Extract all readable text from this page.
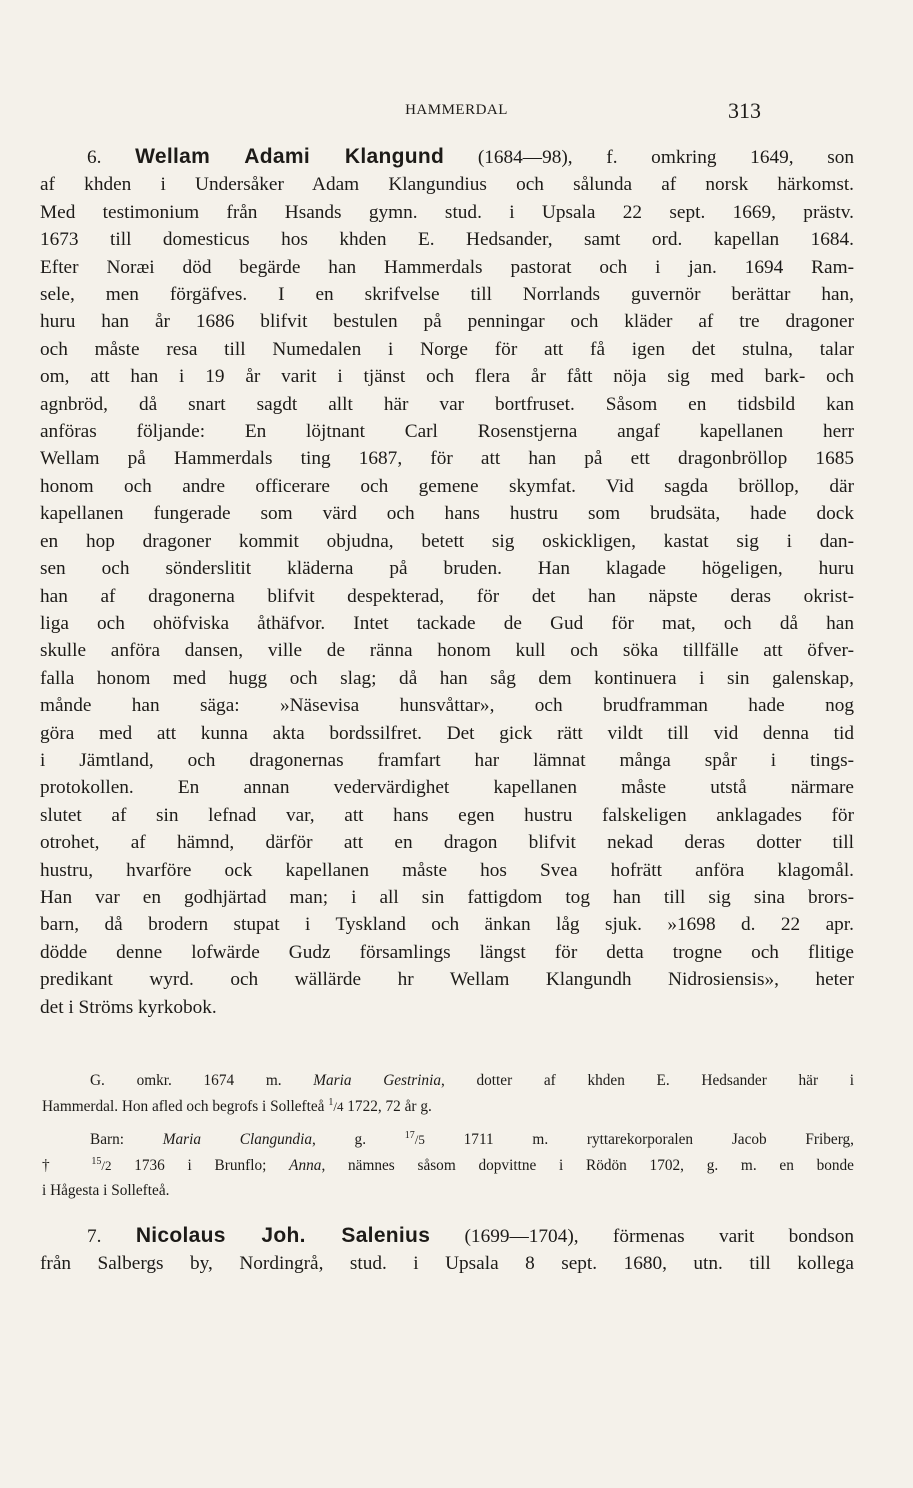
HAMMERDAL	313
6. Wellam Adami Klangund (1684—98), f. omkring 1649, son
af khden i Undersåker Adam Klangundius och sålunda af norsk härkomst.
Med testimonium från Hsands gymn. stud. i Upsala 22 sept. 1669, prästv.
1673 till domesticus hos khden E. Hedsander, samt ord. kapellan 1684.
Efter Noræi död begärde han Hammerdals pastorat och i jan. 1694 Ram-
sele, men förgäfves. I en skrifvelse till Norrlands guvernör berättar han,
huru han år 1686 blifvit bestulen på penningar och kläder af tre dragoner
och måste resa till Numedalen i Norge för att få igen det stulna, talar
om, att han i 19 år varit i tjänst och flera år fått nöja sig med bark- och
agnbröd, då snart sagdt allt här var bortfruset. Såsom en tidsbild kan
anföras följande: En löjtnant Carl Rosenstjerna angaf kapellanen herr
Wellam på Hammerdals ting 1687, för att han på ett dragonbröllop 1685
honom och andre officerare och gemene skymfat. Vid sagda bröllop, där
kapellanen fungerade som värd och hans hustru som brudsäta, hade dock
en hop dragoner kommit objudna, betett sig oskickligen, kastat sig i dan-
sen och sönderslitit kläderna på bruden. Han klagade högeligen, huru
han af dragonerna blifvit despekterad, för det han näpste deras okrist-
liga och ohöfviska åthäfvor. Intet tackade de Gud för mat, och då han
skulle anföra dansen, ville de ränna honom kull och söka tillfälle att öfver-
falla honom med hugg och slag; då han såg dem kontinuera i sin galenskap,
månde han säga: »Näsevisa hunsvåttar», och brudframman hade nog
göra med att kunna akta bordssilfret. Det gick rätt vildt till vid denna tid
i Jämtland, och dragonernas framfart har lämnat många spår i tings-
protokollen. En annan vedervärdighet kapellanen måste utstå närmare
slutet af sin lefnad var, att hans egen hustru falskeligen anklagades för
otrohet, af hämnd, därför att en dragon blifvit nekad deras dotter till
hustru, hvarföre ock kapellanen måste hos Svea hofrätt anföra klagomål.
Han var en godhjärtad man; i all sin fattigdom tog han till sig sina brors-
barn, då brodern stupat i Tyskland och änkan låg sjuk. »1698 d. 22 apr.
dödde denne lofwärde Gudz församlings längst för detta trogne och flitige
predikant wyrd. och wällärde hr Wellam Klangundh Nidrosiensis», heter
det i Ströms kyrkobok.
G. omkr. 1674 m. Maria Gestrinia, dotter af khden E. Hedsander här i
Hammerdal. Hon afled och begrofs i Sollefteå $^1$/4 1722, 72 år g.
Barn:	Maria Clangundia, g.	$^{17}$/5	1711 m. ryttarekorporalen Jacob Friberg,
† $^{15}$/2 1736 i Brunflo; Anna, nämnes såsom dopvittne i Rödön 1702, g. m. en bonde
i Hågesta i Sollefteå.
7. Nicolaus Joh. Salenius (1699—1704), förmenas varit bondson
från Salbergs by, Nordingrå, stud. i Upsala 8 sept. 1680, utn. till kollega
